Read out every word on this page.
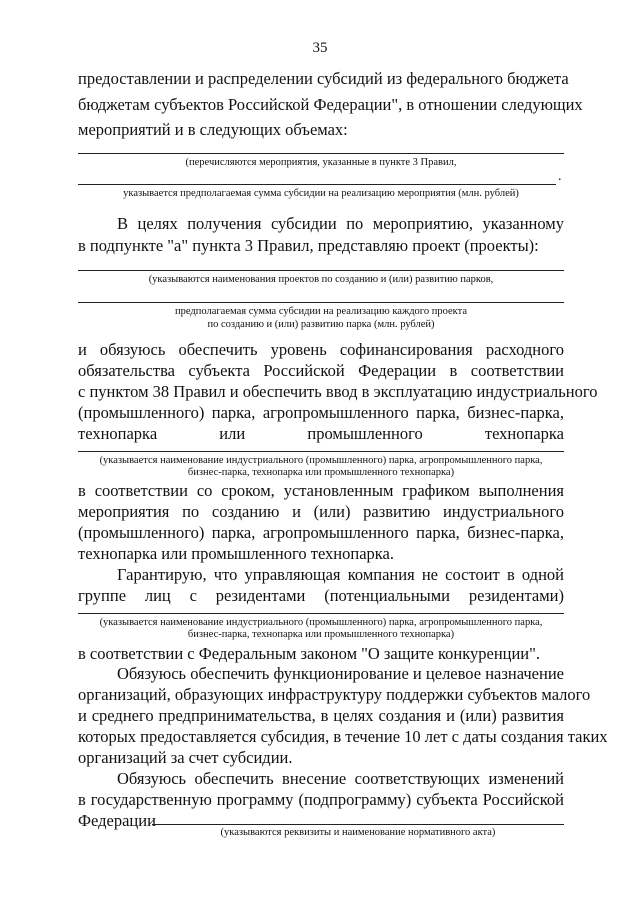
35
предоставлении и распределении субсидий из федерального бюджета
бюджетам субъектов Российской Федерации", в отношении следующих
мероприятий и в следующих объемах:
(перечисляются мероприятия, указанные в пункте 3 Правил,
.
указывается предполагаемая сумма субсидии на реализацию мероприятия (млн. рублей)
В целях получения субсидии по мероприятию, указанному
в подпункте "а" пункта 3 Правил, представляю проект (проекты):
(указываются наименования проектов по созданию и (или) развитию парков,
предполагаемая сумма субсидии на реализацию каждого проекта
по созданию и (или) развитию парка (млн. рублей)
и обязуюсь обеспечить уровень софинансирования расходного
обязательства субъекта Российской Федерации в соответствии
с пунктом 38 Правил и обеспечить ввод в эксплуатацию индустриального
(промышленного) парка, агропромышленного парка, бизнес-парка,
технопарка или промышленного технопарка
(указывается наименование индустриального (промышленного) парка, агропромышленного парка,
бизнес-парка, технопарка или промышленного технопарка)
в соответствии со сроком, установленным графиком выполнения
мероприятия по созданию и (или) развитию индустриального
(промышленного) парка, агропромышленного парка, бизнес-парка,
технопарка или промышленного технопарка.
Гарантирую, что управляющая компания не состоит в одной
группе лиц с резидентами (потенциальными резидентами)
(указывается наименование индустриального (промышленного) парка, агропромышленного парка,
бизнес-парка, технопарка или промышленного технопарка)
в соответствии с Федеральным законом "О защите конкуренции".
Обязуюсь обеспечить функционирование и целевое назначение
организаций, образующих инфраструктуру поддержки субъектов малого
и среднего предпринимательства, в целях создания и (или) развития
которых предоставляется субсидия, в течение 10 лет с даты создания таких
организаций за счет субсидии.
Обязуюсь обеспечить внесение соответствующих изменений
в государственную программу (подпрограмму) субъекта Российской
Федерации
(указываются реквизиты и наименование нормативного акта)
